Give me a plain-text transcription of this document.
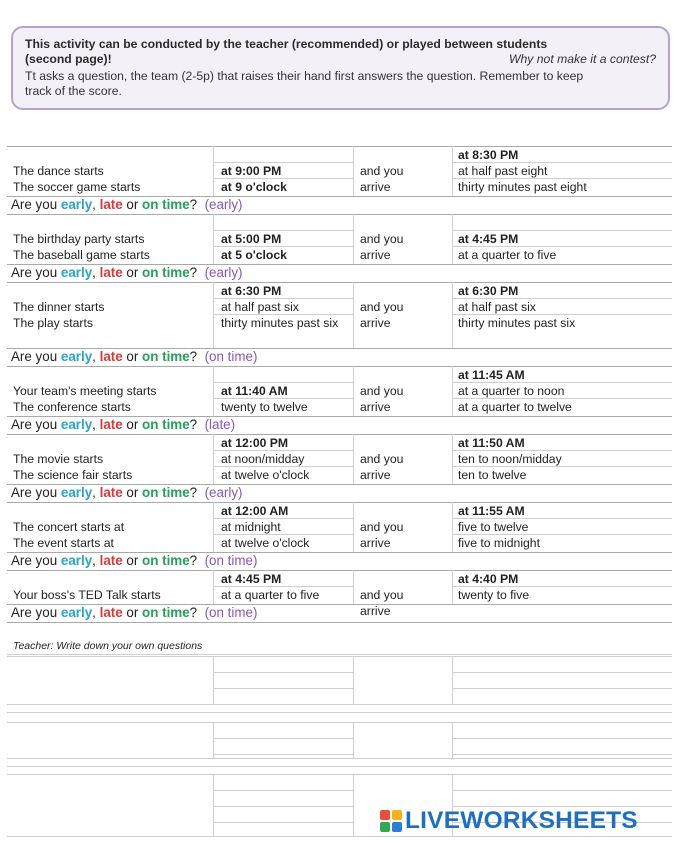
This activity can be conducted by the teacher (recommended) or played between students
(second page)!	Why not make it a contest?
Tt asks a question, the team (2-5p) that raises their hand first answers the question. Remember to keep
track of the score.
The dance starts
The soccer game starts
at 9:00 PM
at 9 o'clock
and you
arrive
at 8:30 PM
at half past eight
thirty minutes past eight
Are you early, late or on time? (early)
The birthday party starts
The baseball game starts
at 5:00 PM
at 5 o'clock
and you
arrive
at 4:45 PM
at a quarter to five
Are you early, late or on time? (early)
The dinner starts
The play starts
at 6:30 PM
at half past six
thirty minutes past six
and you
arrive
at 6:30 PM
at half past six
thirty minutes past six
Are you early, late or on time? (on time)
Your team's meeting starts
The conference starts
at 11:40 AM
twenty to twelve
and you
arrive
at 11:45 AM
at a quarter to noon
at a quarter to twelve
Are you early, late or on time? (late)
The movie starts
The science fair starts
at 12:00 PM
at noon/midday
at twelve o'clock
and you
arrive
at 11:50 AM
ten to noon/midday
ten to twelve
Are you early, late or on time? (early)
The concert starts at
The event starts at
at 12:00 AM
at midnight
at twelve o'clock
and you
arrive
at 11:55 AM
five to twelve
five to midnight
Are you early, late or on time? (on time)
Your boss's TED Talk starts
at 4:45 PM
at a quarter to five	and you
arrive
at 4:40 PM
twenty to five
Are you early, late or on time? (on time)
Teacher: Write down your own questions
LIVEWORKSHEETS
